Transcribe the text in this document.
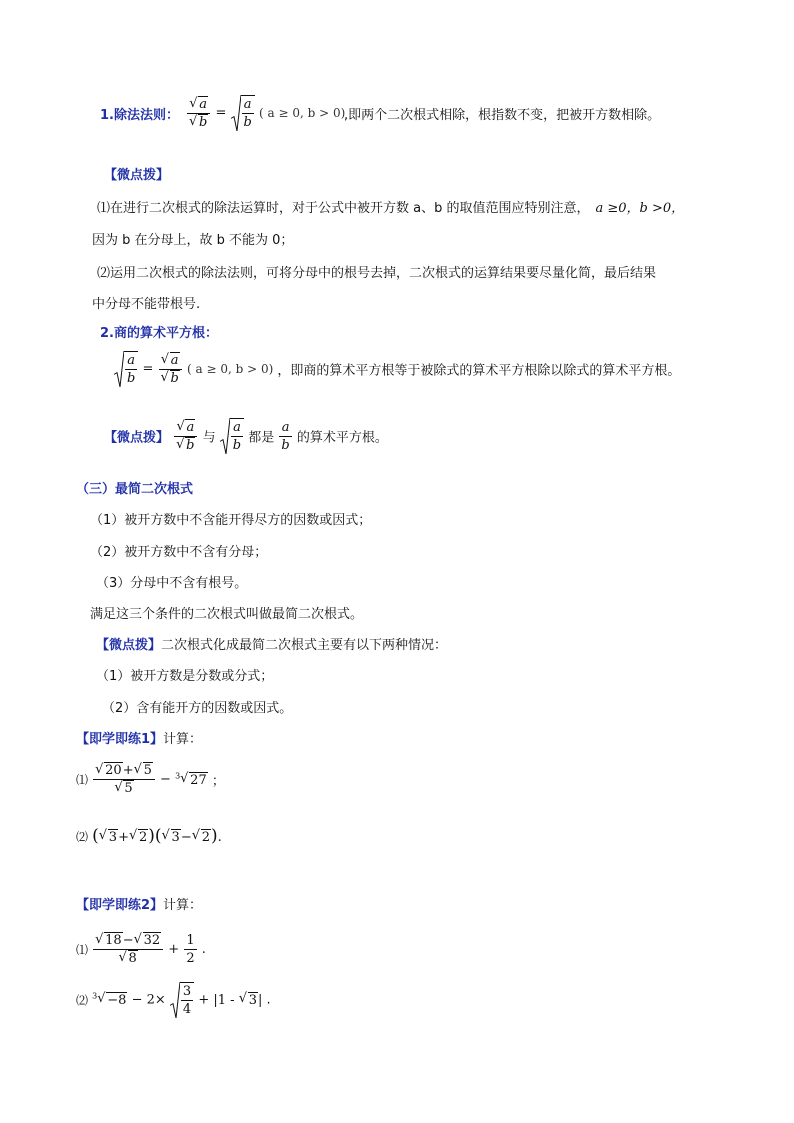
1.除法法则：
√ a
√ $b = \frac{a}{b}$ ( a ≥ 0, b > 0)
,即两个二次根式相除，根指数不变，把被开方数相除。
【微点拨】
⑴在进行二次根式的除法运算时，对于公式中被开方数 a、b 的取值范围应特别注意， a ≥0，b >0，
因为 b 在分母上，故 b 不能为 0；
⑵运用二次根式的除法法则，可将分母中的根号去掉，二次根式的运算结果要尽量化简，最后结果
中分母不能带根号.
2.商的算术平方根：
$\frac{a}{b}$ =
√ a
√ b ( a ≥ 0, b > 0) ，即商的算术平方根等于被除式的算术平方根除以除式的算术平方根。
【微点拨】
√ a
√ b 与 $\frac{a}{b}$ 都是 $\frac{a}{b}$ 的算术平方根。
（三）最简二次根式
（1）被开方数中不含能开得尽方的因数或因式；
（2）被开方数中不含有分母；
（3）分母中不含有根号。
满足这三个条件的二次根式叫做最简二次根式。
【微点拨】二次根式化成最简二次根式主要有以下两种情况：
（1）被开方数是分数或分式；
（2）含有能开方的因数或因式。
【即学即练1】计算：
⑴
√ 20+√ 5
√ 5 − $^3$√ 27 ；
⑵ (√ 3+√ 2)(√ 3−√ 2).
【即学即练2】计算：
⑴
√ 18−√ 32
√ $8 + \frac{1}{2}$ .
⑵ $^3√ -8 - 2\times \frac{3}{4} + |1$ - √ 3| .
